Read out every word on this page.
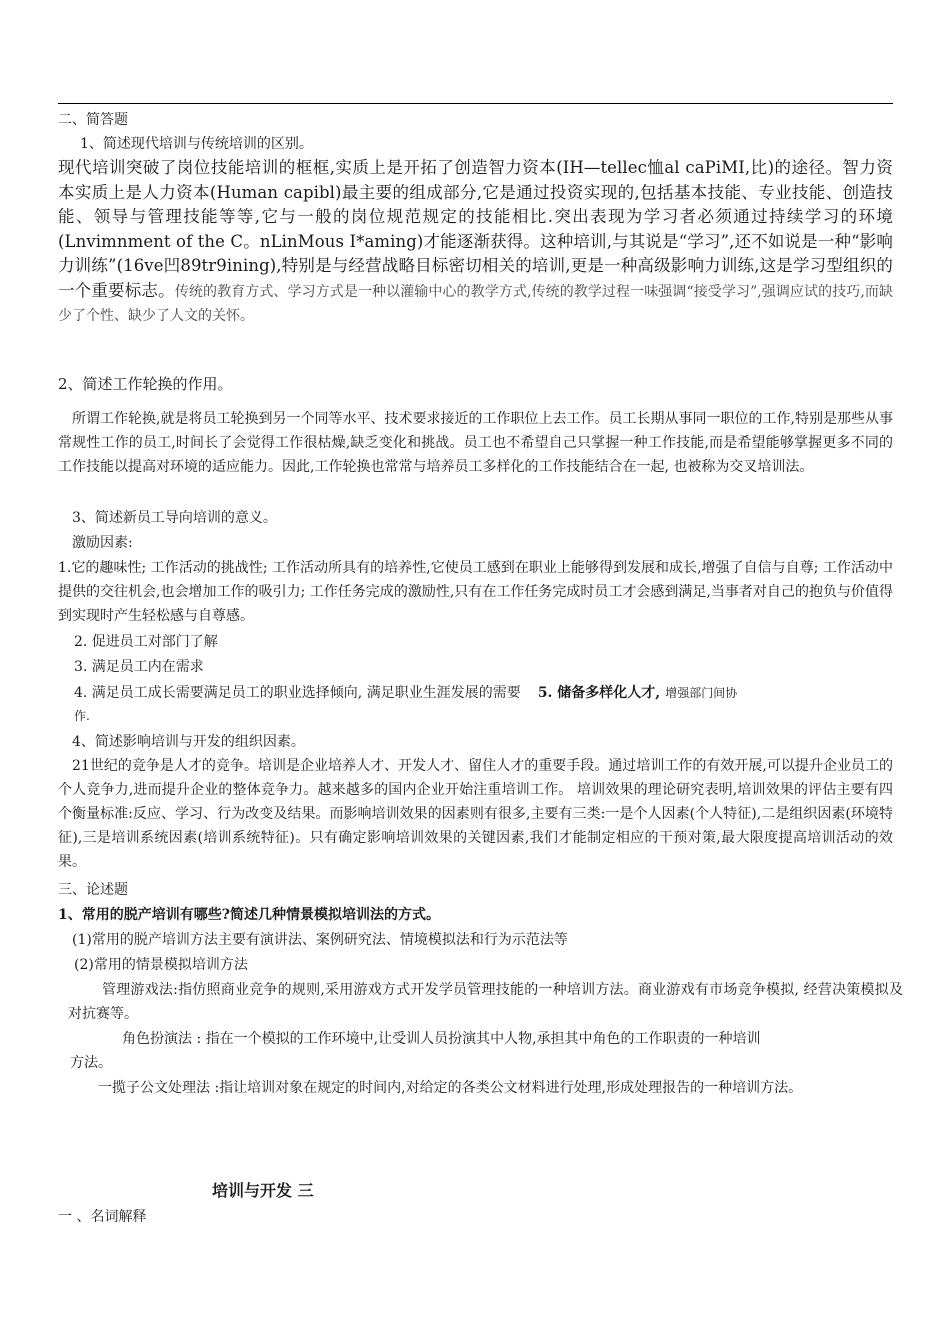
二、简答题
1、简述现代培训与传统培训的区别。
现代培训突破了岗位技能培训的框框,实质上是开拓了创造智力资本(IH—tellec恤al caPiMI,比)的途径。智力资本实质上是人力资本(Human capibl)最主要的组成部分,它是通过投资实现的,包括基本技能、专业技能、创造技能、领导与管理技能等等,它与一般的岗位规范规定的技能相比.突出表现为学习者必须通过持续学习的环境(Lnvimnment of the C。nLinMous I*aming)才能逐渐获得。这种培训,与其说是“学习”,还不如说是一种“影响力训练”(16ve凹89tr9ining),特别是与经营战略目标密切相关的培训,更是一种高级影响力训练,这是学习型组织的一个重要标志。传统的教育方式、学习方式是一种以灌输中心的教学方式,传统的教学过程一味强调“接受学习”,强调应试的技巧,而缺少了个性、缺少了人文的关怀。
2、简述工作轮换的作用。
所谓工作轮换,就是将员工轮换到另一个同等水平、技术要求接近的工作职位上去工作。员工长期从事同一职位的工作,特别是那些从事常规性工作的员工,时间长了会觉得工作很枯燥,缺乏变化和挑战。员工也不希望自己只掌握一种工作技能,而是希望能够掌握更多不同的工作技能以提高对环境的适应能力。因此,工作轮换也常常与培养员工多样化的工作技能结合在一起, 也被称为交叉培训法。
3、简述新员工导向培训的意义。
激励因素:
1.它的趣味性; 工作活动的挑战性; 工作活动所具有的培养性,它使员工感到在职业上能够得到发展和成长,增强了自信与自尊; 工作活动中提供的交往机会,也会增加工作的吸引力; 工作任务完成的激励性,只有在工作任务完成时员工才会感到满足,当事者对自己的抱负与价值得到实现时产生轻松感与自尊感。
2. 促进员工对部门了解
3. 满足员工内在需求
4. 满足员工成长需要满足员工的职业选择倾向, 满足职业生涯发展的需要 5. 储备多样化人才, 增强部门间协
作.
4、简述影响培训与开发的组织因素。
21世纪的竞争是人才的竞争。培训是企业培养人才、开发人才、留住人才的重要手段。通过培训工作的有效开展,可以提升企业员工的个人竞争力,进而提升企业的整体竞争力。越来越多的国内企业开始注重培训工作。 培训效果的理论研究表明,培训效果的评估主要有四个衡量标准:反应、学习、行为改变及结果。而影响培训效果的因素则有很多,主要有三类:一是个人因素(个人特征),二是组织因素(环境特征),三是培训系统因素(培训系统特征)。只有确定影响培训效果的关键因素,我们才能制定相应的干预对策,最大限度提高培训活动的效果。
三、论述题
1、常用的脱产培训有哪些?简述几种情景模拟培训法的方式。
(1)常用的脱产培训方法主要有演讲法、案例研究法、情境模拟法和行为示范法等
(2)常用的情景模拟培训方法
管理游戏法:指仿照商业竞争的规则,采用游戏方式开发学员管理技能的一种培训方法。商业游戏有市场竞争模拟, 经营决策模拟及对抗赛等。
角色扮演法 : 指在一个模拟的工作环境中,让受训人员扮演其中人物,承担其中角色的工作职责的一种培训
方法。
一揽子公文处理法 :指让培训对象在规定的时间内,对给定的各类公文材料进行处理,形成处理报告的一种培训方法。
培训与开发 三
一 、名词解释
